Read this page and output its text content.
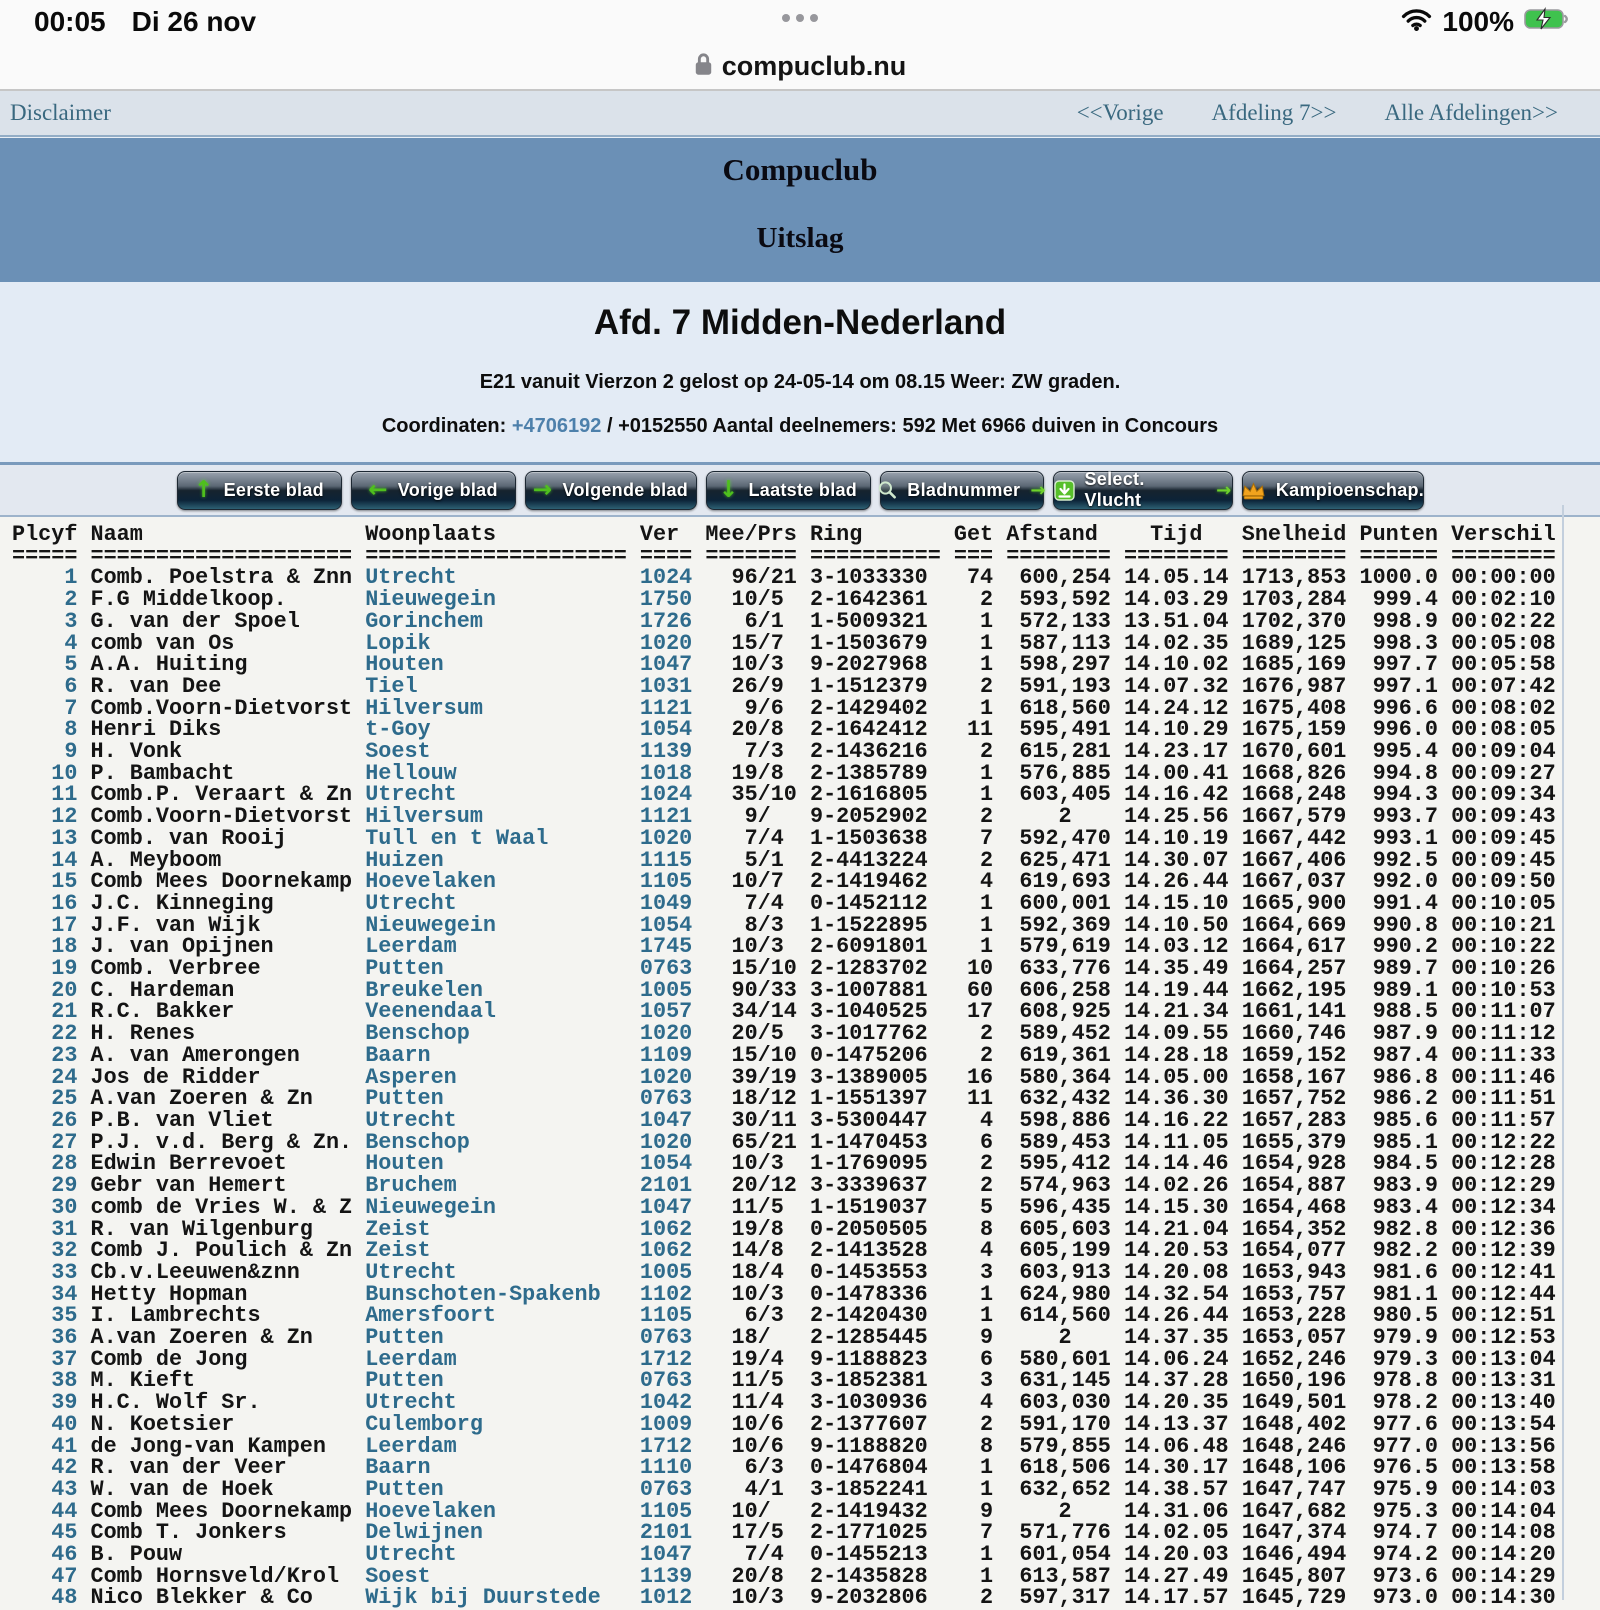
00:05 Di 26 nov	100%
compuclub.nu
Disclaimer	<<Vorige Afdeling 7>> Alle Afdelingen>>
Compuclub
Uitslag
Afd. 7 Midden-Nederland

E21 vanuit Vierzon 2 gelost op 24-05-14 om 08.15 Weer: ZW graden.

Coordinaten: +4706192 / +0152550 Aantal deelnemers: 592 Met 6966 duiven in Concours

↑ Eerste blad ← Vorige blad → Volgende blad ↓ Laatste blad	Bladnummer →
Select. Vlucht	→ Kampioenschap.
Plcyf Naam                 Woonplaats           Ver  Mee/Prs Ring       Get Afstand    Tijd   Snelheid Punten Verschil
===== ==================== ==================== ==== ======= ========== === ======== ======== ======== ====== ========
1 Comb. Poelstra & Znn Utrecht              1024   96/21 3-1033330   74  600,254 14.05.14 1713,853 1000.0 00:00:00
2 F.G Middelkoop.      Nieuwegein           1750   10/5  2-1642361    2  593,592 14.03.29 1703,284  999.4 00:02:10
3 G. van der Spoel     Gorinchem            1726    6/1  1-5009321    1  572,133 13.51.04 1702,370  998.9 00:02:22
4 comb van Os          Lopik                1020   15/7  1-1503679    1  587,113 14.02.35 1689,125  998.3 00:05:08
5 A.A. Huiting         Houten               1047   10/3  9-2027968    1  598,297 14.10.02 1685,169  997.7 00:05:58
6 R. van Dee           Tiel                 1031   26/9  1-1512379    2  591,193 14.07.32 1676,987  997.1 00:07:42
7 Comb.Voorn-Dietvorst Hilversum            1121    9/6  2-1429402    1  618,560 14.24.12 1675,408  996.6 00:08:02
8 Henri Diks           t-Goy                1054   20/8  2-1642412   11  595,491 14.10.29 1675,159  996.0 00:08:05
9 H. Vonk              Soest                1139    7/3  2-1436216    2  615,281 14.23.17 1670,601  995.4 00:09:04
10 P. Bambacht          Hellouw              1018   19/8  2-1385789    1  576,885 14.00.41 1668,826  994.8 00:09:27
11 Comb.P. Veraart & Zn Utrecht              1024   35/10 2-1616805    1  603,405 14.16.42 1668,248  994.3 00:09:34
12 Comb.Voorn-Dietvorst Hilversum            1121    9/   9-2052902    2     2    14.25.56 1667,579  993.7 00:09:43
13 Comb. van Rooij      Tull en t Waal       1020    7/4  1-1503638    7  592,470 14.10.19 1667,442  993.1 00:09:45
14 A. Meyboom           Huizen               1115    5/1  2-4413224    2  625,471 14.30.07 1667,406  992.5 00:09:45
15 Comb Mees Doornekamp Hoevelaken           1105   10/7  2-1419462    4  619,693 14.26.44 1667,037  992.0 00:09:50
16 J.C. Kinneging       Utrecht              1049    7/4  0-1452112    1  600,001 14.15.10 1665,900  991.4 00:10:05
17 J.F. van Wijk        Nieuwegein           1054    8/3  1-1522895    1  592,369 14.10.50 1664,669  990.8 00:10:21
18 J. van Opijnen       Leerdam              1745   10/3  2-6091801    1  579,619 14.03.12 1664,617  990.2 00:10:22
19 Comb. Verbree        Putten               0763   15/10 2-1283702   10  633,776 14.35.49 1664,257  989.7 00:10:26
20 C. Hardeman          Breukelen            1005   90/33 3-1007881   60  606,258 14.19.44 1662,195  989.1 00:10:53
21 R.C. Bakker          Veenendaal           1057   34/14 3-1040525   17  608,925 14.21.34 1661,141  988.5 00:11:07
22 H. Renes             Benschop             1020   20/5  3-1017762    2  589,452 14.09.55 1660,746  987.9 00:11:12
23 A. van Amerongen     Baarn                1109   15/10 0-1475206    2  619,361 14.28.18 1659,152  987.4 00:11:33
24 Jos de Ridder        Asperen              1020   39/19 3-1389005   16  580,364 14.05.00 1658,167  986.8 00:11:46
25 A.van Zoeren & Zn    Putten               0763   18/12 1-1551397   11  632,432 14.36.30 1657,752  986.2 00:11:51
26 P.B. van Vliet       Utrecht              1047   30/11 3-5300447    4  598,886 14.16.22 1657,283  985.6 00:11:57
27 P.J. v.d. Berg & Zn. Benschop             1020   65/21 1-1470453    6  589,453 14.11.05 1655,379  985.1 00:12:22
28 Edwin Berrevoet      Houten               1054   10/3  1-1769095    2  595,412 14.14.46 1654,928  984.5 00:12:28
29 Gebr van Hemert      Bruchem              2101   20/12 3-3339637    2  574,963 14.02.26 1654,887  983.9 00:12:29
30 comb de Vries W. & Z Nieuwegein           1047   11/5  1-1519037    5  596,435 14.15.30 1654,468  983.4 00:12:34
31 R. van Wilgenburg    Zeist                1062   19/8  0-2050505    8  605,603 14.21.04 1654,352  982.8 00:12:36
32 Comb J. Poulich & Zn Zeist                1062   14/8  2-1413528    4  605,199 14.20.53 1654,077  982.2 00:12:39
33 Cb.v.Leeuwen&znn     Utrecht              1005   18/4  0-1453553    3  603,913 14.20.08 1653,943  981.6 00:12:41
34 Hetty Hopman         Bunschoten-Spakenb   1102   10/3  0-1478336    1  624,980 14.32.54 1653,757  981.1 00:12:44
35 I. Lambrechts        Amersfoort           1105    6/3  2-1420430    1  614,560 14.26.44 1653,228  980.5 00:12:51
36 A.van Zoeren & Zn    Putten               0763   18/   2-1285445    9     2    14.37.35 1653,057  979.9 00:12:53
37 Comb de Jong         Leerdam              1712   19/4  9-1188823    6  580,601 14.06.24 1652,246  979.3 00:13:04
38 M. Kieft             Putten               0763   11/5  3-1852381    3  631,145 14.37.28 1650,196  978.8 00:13:31
39 H.C. Wolf Sr.        Utrecht              1042   11/4  3-1030936    4  603,030 14.20.35 1649,501  978.2 00:13:40
40 N. Koetsier          Culemborg            1009   10/6  2-1377607    2  591,170 14.13.37 1648,402  977.6 00:13:54
41 de Jong-van Kampen   Leerdam              1712   10/6  9-1188820    8  579,855 14.06.48 1648,246  977.0 00:13:56
42 R. van der Veer      Baarn                1110    6/3  0-1476804    1  618,506 14.30.17 1648,106  976.5 00:13:58
43 W. van de Hoek       Putten               0763    4/1  3-1852241    1  632,652 14.38.57 1647,747  975.9 00:14:03
44 Comb Mees Doornekamp Hoevelaken           1105   10/   2-1419432    9     2    14.31.06 1647,682  975.3 00:14:04
45 Comb T. Jonkers      Delwijnen            2101   17/5  2-1771025    7  571,776 14.02.05 1647,374  974.7 00:14:08
46 B. Pouw              Utrecht              1047    7/4  0-1455213    1  601,054 14.20.03 1646,494  974.2 00:14:20
47 Comb Hornsveld/Krol  Soest                1139   20/8  2-1435828    1  613,587 14.27.49 1645,807  973.6 00:14:29
48 Nico Blekker & Co    Wijk bij Duurstede   1012   10/3  9-2032806    2  597,317 14.17.57 1645,729  973.0 00:14:30
